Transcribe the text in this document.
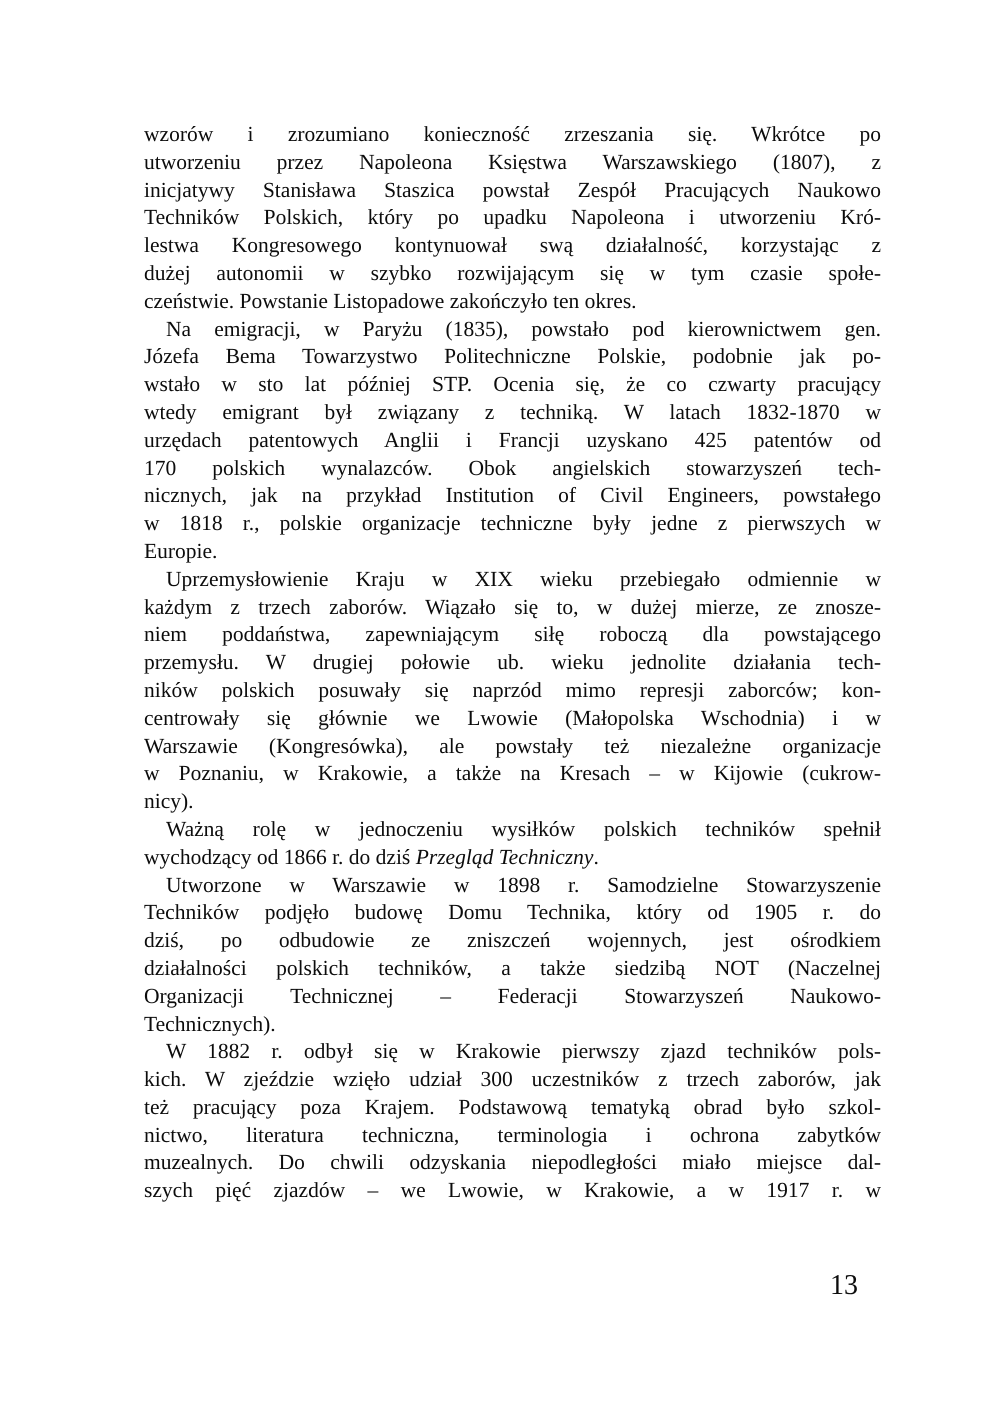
wzorów i zrozumiano konieczność zrzeszania się. Wkrótce po
utworzeniu przez Napoleona Księstwa Warszawskiego (1807), z
inicjatywy Stanisława Staszica powstał Zespół Pracujących Naukowo
Techników Polskich, który po upadku Napoleona i utworzeniu Kró-
lestwa Kongresowego kontynuował swą działalność, korzystając z
dużej autonomii w szybko rozwijającym się w tym czasie społe-
czeństwie. Powstanie Listopadowe zakończyło ten okres.
Na emigracji, w Paryżu (1835), powstało pod kierownictwem gen.
Józefa Bema Towarzystwo Politechniczne Polskie, podobnie jak po-
wstało w sto lat później STP. Ocenia się, że co czwarty pracujący
wtedy emigrant był związany z techniką. W latach 1832-1870 w
urzędach patentowych Anglii i Francji uzyskano 425 patentów od
170 polskich wynalazców. Obok angielskich stowarzyszeń tech-
nicznych, jak na przykład Institution of Civil Engineers, powstałego
w 1818 r., polskie organizacje techniczne były jedne z pierwszych w
Europie.
Uprzemysłowienie Kraju w XIX wieku przebiegało odmiennie w
każdym z trzech zaborów. Wiązało się to, w dużej mierze, ze znosze-
niem poddaństwa, zapewniającym siłę roboczą dla powstającego
przemysłu. W drugiej połowie ub. wieku jednolite działania tech-
ników polskich posuwały się naprzód mimo represji zaborców; kon-
centrowały się głównie we Lwowie (Małopolska Wschodnia) i w
Warszawie (Kongresówka), ale powstały też niezależne organizacje
w Poznaniu, w Krakowie, a także na Kresach – w Kijowie (cukrow-
nicy).
Ważną rolę w jednoczeniu wysiłków polskich techników spełnił
wychodzący od 1866 r. do dziś Przegląd Techniczny.
Utworzone w Warszawie w 1898 r. Samodzielne Stowarzyszenie
Techników podjęło budowę Domu Technika, który od 1905 r. do
dziś, po odbudowie ze zniszczeń wojennych, jest ośrodkiem
działalności polskich techników, a także siedzibą NOT (Naczelnej
Organizacji Technicznej – Federacji Stowarzyszeń Naukowo-
Technicznych).
W 1882 r. odbył się w Krakowie pierwszy zjazd techników pols-
kich. W zjeździe wzięło udział 300 uczestników z trzech zaborów, jak
też pracujący poza Krajem. Podstawową tematyką obrad było szkol-
nictwo, literatura techniczna, terminologia i ochrona zabytków
muzealnych. Do chwili odzyskania niepodległości miało miejsce dal-
szych pięć zjazdów – we Lwowie, w Krakowie, a w 1917 r. w
13
